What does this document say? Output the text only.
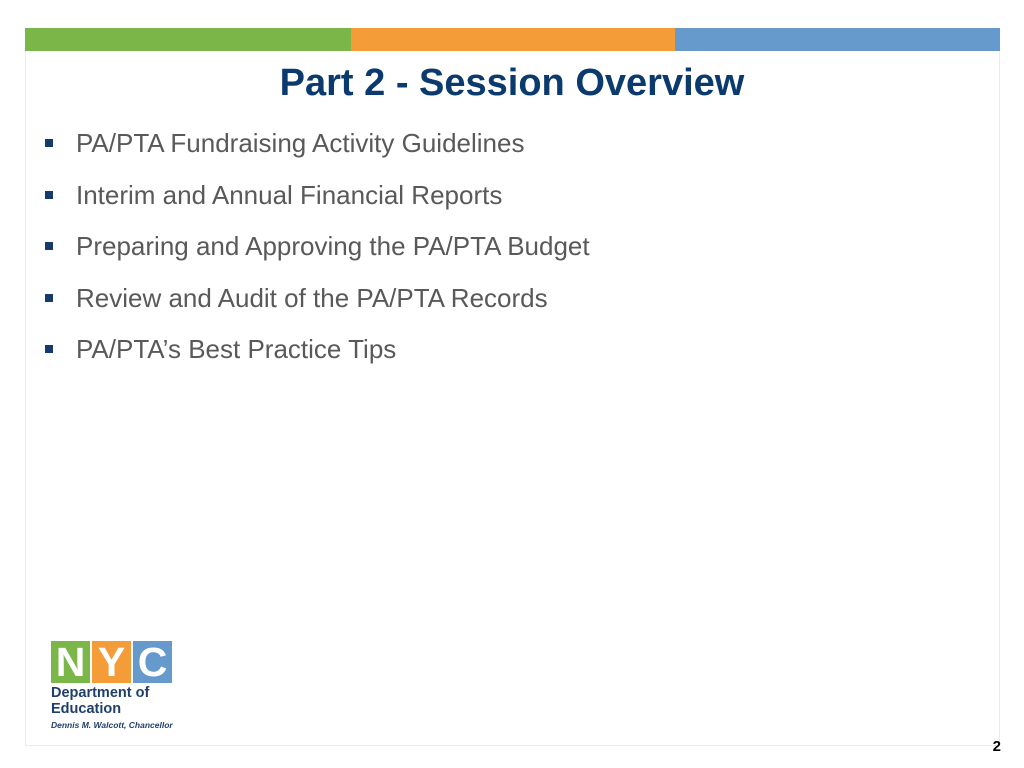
Part 2 - Session Overview
PA/PTA Fundraising Activity Guidelines
Interim and Annual Financial Reports
Preparing and Approving the PA/PTA Budget
Review and Audit of the PA/PTA Records
PA/PTA’s Best Practice Tips
N Y C
Department of
Education
Dennis M. Walcott, Chancellor
2
